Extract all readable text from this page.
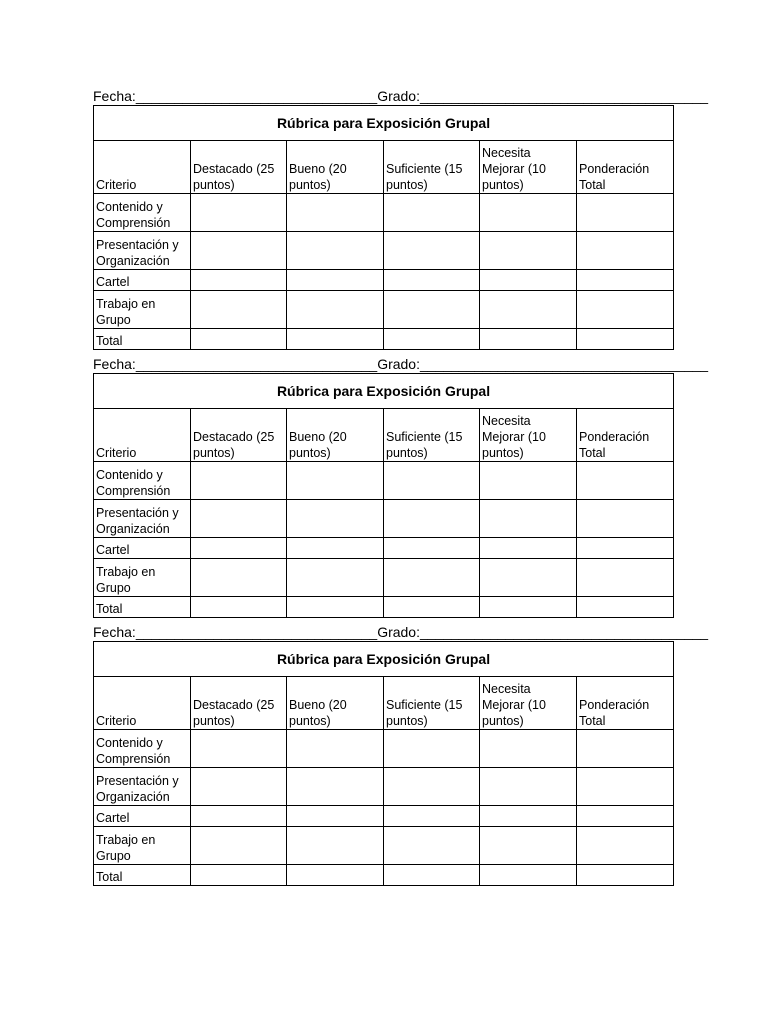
Fecha:_______________________________Grado:_____________________________________
Rúbrica para Exposición Grupal					
Criterio	Destacado (25 puntos)	Bueno (20 puntos)	Suficiente (15 puntos)	Necesita Mejorar (10 puntos)	Ponderación Total
Contenido y Comprensión					
Presentación y Organización					
Cartel					
Trabajo en Grupo					
Total					
Fecha:_______________________________Grado:_____________________________________
Rúbrica para Exposición Grupal					
Criterio	Destacado (25 puntos)	Bueno (20 puntos)	Suficiente (15 puntos)	Necesita Mejorar (10 puntos)	Ponderación Total
Contenido y Comprensión					
Presentación y Organización					
Cartel					
Trabajo en Grupo					
Total					
Fecha:_______________________________Grado:_____________________________________
Rúbrica para Exposición Grupal					
Criterio	Destacado (25 puntos)	Bueno (20 puntos)	Suficiente (15 puntos)	Necesita Mejorar (10 puntos)	Ponderación Total
Contenido y Comprensión					
Presentación y Organización					
Cartel					
Trabajo en Grupo					
Total					
